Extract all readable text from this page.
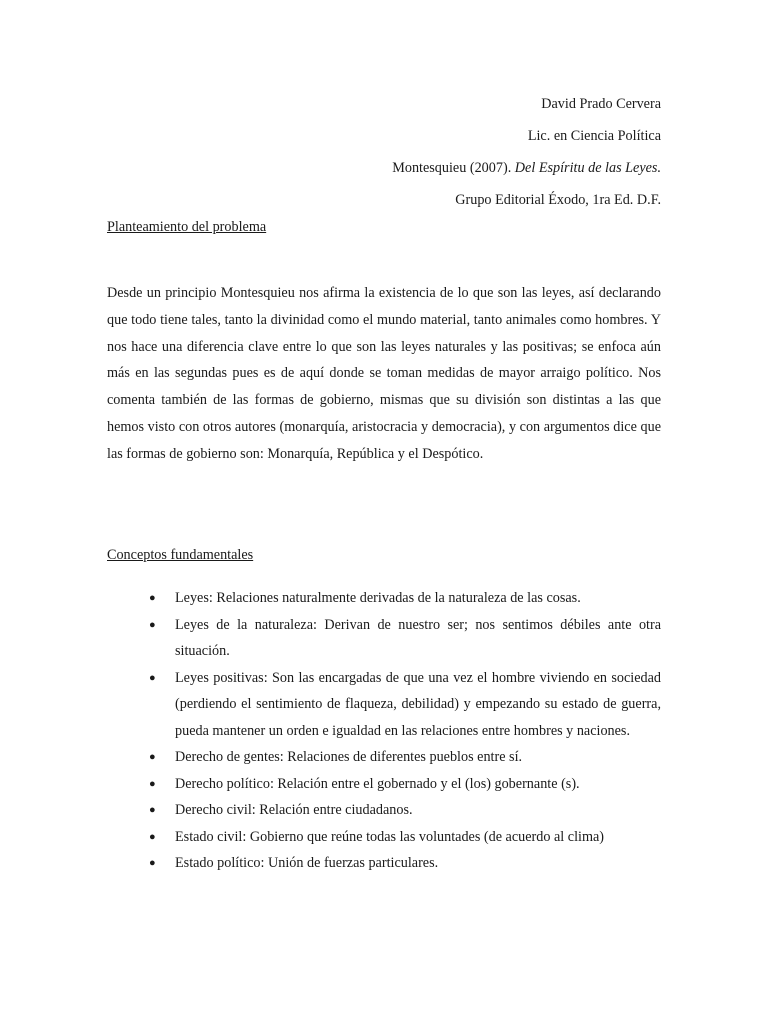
David Prado Cervera
Lic. en Ciencia Política
Montesquieu (2007). Del Espíritu de las Leyes.
Grupo Editorial Éxodo, 1ra Ed. D.F.
Planteamiento del problema

Desde un principio Montesquieu nos afirma la existencia de lo que son las leyes, así declarando que todo tiene tales, tanto la divinidad como el mundo material, tanto animales como hombres. Y nos hace una diferencia clave entre lo que son las leyes naturales y las positivas; se enfoca aún más en las segundas pues es de aquí donde se toman medidas de mayor arraigo político. Nos comenta también de las formas de gobierno, mismas que su división son distintas a las que hemos visto con otros autores (monarquía, aristocracia y democracia), y con argumentos dice que las formas de gobierno son: Monarquía, República y el Despótico.

Conceptos fundamentales
● Leyes: Relaciones naturalmente derivadas de la naturaleza de las cosas.
● Leyes de la naturaleza: Derivan de nuestro ser; nos sentimos débiles ante otra situación.
● Leyes positivas: Son las encargadas de que una vez el hombre viviendo en sociedad (perdiendo el sentimiento de flaqueza, debilidad) y empezando su estado de guerra, pueda mantener un orden e igualdad en las relaciones entre hombres y naciones.
● Derecho de gentes: Relaciones de diferentes pueblos entre sí.
● Derecho político: Relación entre el gobernado y el (los) gobernante (s).
● Derecho civil: Relación entre ciudadanos.
● Estado civil: Gobierno que reúne todas las voluntades (de acuerdo al clima)
● Estado político: Unión de fuerzas particulares.
